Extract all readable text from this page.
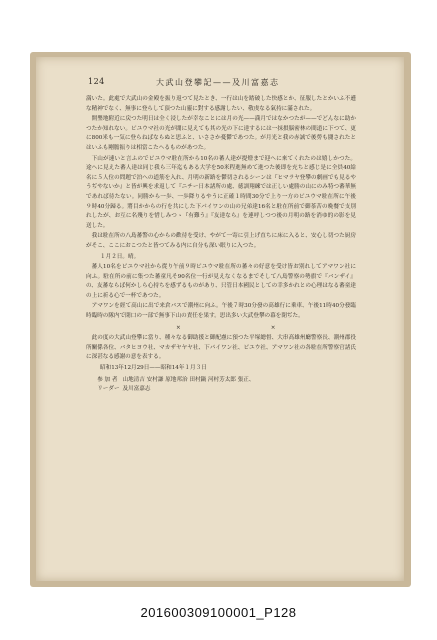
124	大武山登攀記——及川富嘉志

満いた。此處で大武山の金殿を振り返つて見たとき、一行は山を踏破した快感とか、征服したとかいふ不遜な精神でなく、無事に登らして頂つた山靈に對する感謝したい、敬虔なる氣持に滿された。

開墾地附近に戻つた明日は全く浸したが幸なことには月の光——満月ではなかつたが——でどんなに助かつたか知れない。ビユウマ社の光が闇に見えても其の光の下に達するには一抹損脳密林の間道に下つて、更に800米も一気に登らねばならぬと思ふと、いささか憂鬱であつた。が月光と我の赤誠で後勞も闘されたとはいふも剛膽振りは相當こたへるものがあつた。

下山が速いと言ふのでビユウマ駐在所から10名の蕃人達が提燈まで迎へに來てくれたのは嬉しかつた。途へに見えた蕃人達は同じ我ら三年迄もある大学を50米程進無めて進つた後即を充ちと感じ是に全員40給名に５人位の問題で泊への道筋を入れ、月明の新路を鬱切されるシーンは『ヒマラヤ登攀の劇画でも見るやうぢやないか』と皆が興を求返して『ニチー日本諸所の處、徳訓翔練では正しい處勝の山にのみ特つ蕃華無であれば待たない。同勝から一歩、一歩降りるやうに正確１時間30分で上り一方のビユウマ駐在所に午後９時40分歸る。將目かからの行を共にした下パイワンの山の兄弟達16名と駐在所前で御茶苦の晩餐で支別れしたが、お互に名殘りを惜しみつゝ『有難う』『友達なら』を連呼しつつ後の月明の路を消ゆ的の影を見送した。

我は駐在所の八島蕃警の心からの歡待を受け、やがて一寄に引上げ直ちに床に入ると、安心し切つた厨房がそこ、ここにおこつたと皆つてみる内に自分も深い眠りに入つた。

１月２日。晴。

蕃人10名をビユウマ社から從り午前９時ビユウマ駐在所の蕃々の好意を受け皆お別れしてアマワン社に向ふ。駐在所の前に集つた蕃童凡そ90名位一行が見えなくなるまでそして八島警察の勢旗で『バンザイ』の、友蕃ならば何かしら心持ちを感ずるものがあり、只管日本國民としての幸多かれとの心理はなる蕃童達の上に祈る心で一杯であつた。

アマワンを經て高山に出で来倉バスで潮州に向ふ。午後７時30分發の高雄行に乗車、午後11時40分發臨時臨時の隊内で閉口の一部で無事下山の責任を果す。思出多い大武登攀の幕を閉ぢた。

××

此の度の大武山登攀に當り、種々なる御助援と御配慮に預つた平塚總督、大串高雄州廳警察長、潮州郡役所關係各位、バタヒヨウ社、マカザヤヤヤ社、下パイワン社、ビユウ社、アマワン社の各駐在所警察官諸氏に深甚なる感謝の意を表する。

昭和13年12月29日——昭和14年１月３日

参 加 者 山地清吉 安村謙 原地邦治 田村鍋 河村芳太郎 張正、
リーダー 及川富嘉志
201600309100001_P128
